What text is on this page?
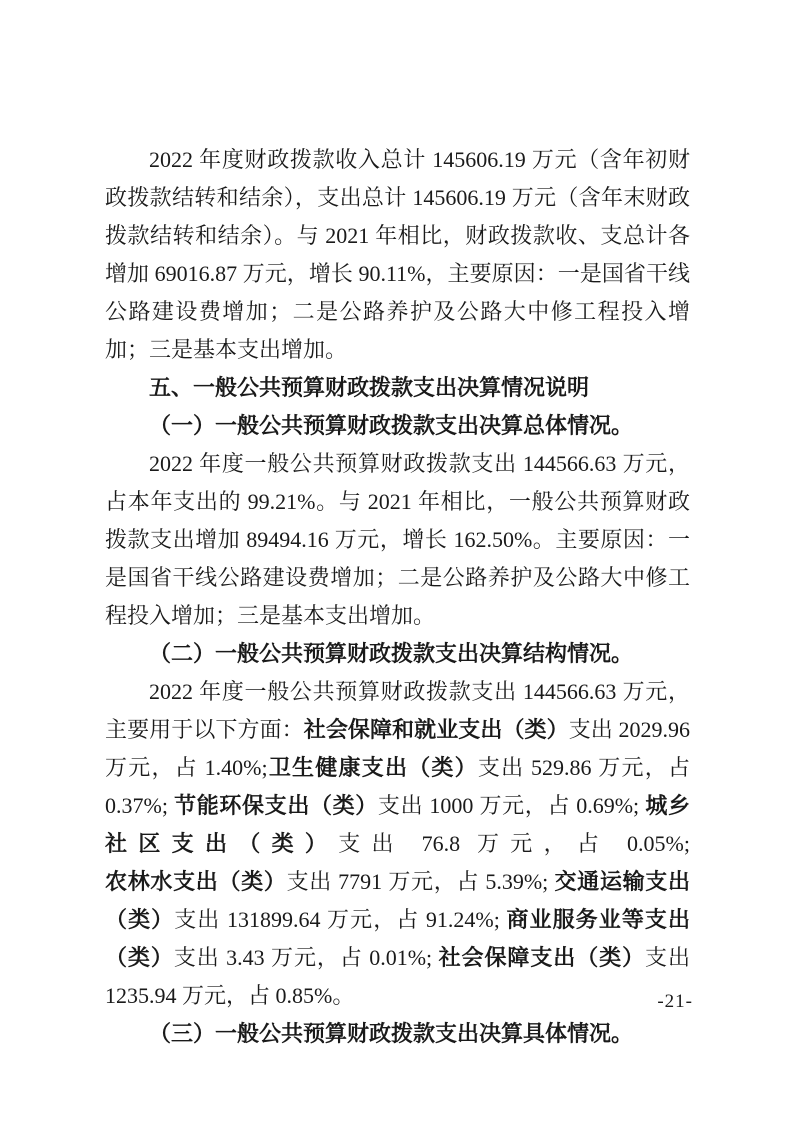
2022 年度财政拨款收入总计 145606.19 万元（含年初财政拨款结转和结余），支出总计 145606.19 万元（含年末财政拨款结转和结余）。与 2021 年相比，财政拨款收、支总计各增加 69016.87 万元，增长 90.11%，主要原因：一是国省干线公路建设费增加；二是公路养护及公路大中修工程投入增加；三是基本支出增加。

五、一般公共预算财政拨款支出决算情况说明
（一）一般公共预算财政拨款支出决算总体情况。

2022 年度一般公共预算财政拨款支出 144566.63 万元，占本年支出的 99.21%。与 2021 年相比，一般公共预算财政拨款支出增加 89494.16 万元，增长 162.50%。主要原因：一是国省干线公路建设费增加；二是公路养护及公路大中修工程投入增加；三是基本支出增加。

（二）一般公共预算财政拨款支出决算结构情况。

2022 年度一般公共预算财政拨款支出 144566.63 万元，主要用于以下方面：社会保障和就业支出（类）支出 2029.96 万元，占 1.40%;卫生健康支出（类）支出 529.86 万元，占 0.37%; 节能环保支出（类）支出 1000 万元，占 0.69%; 城乡社区支出（类）支出 76.8 万元，占 0.05%; 农林水支出（类）支出 7791 万元，占 5.39%; 交通运输支出（类）支出 131899.64 万元，占 91.24%; 商业服务业等支出（类）支出 3.43 万元，占 0.01%; 社会保障支出（类）支出 1235.94 万元，占 0.85%。

（三）一般公共预算财政拨款支出决算具体情况。
-21-
